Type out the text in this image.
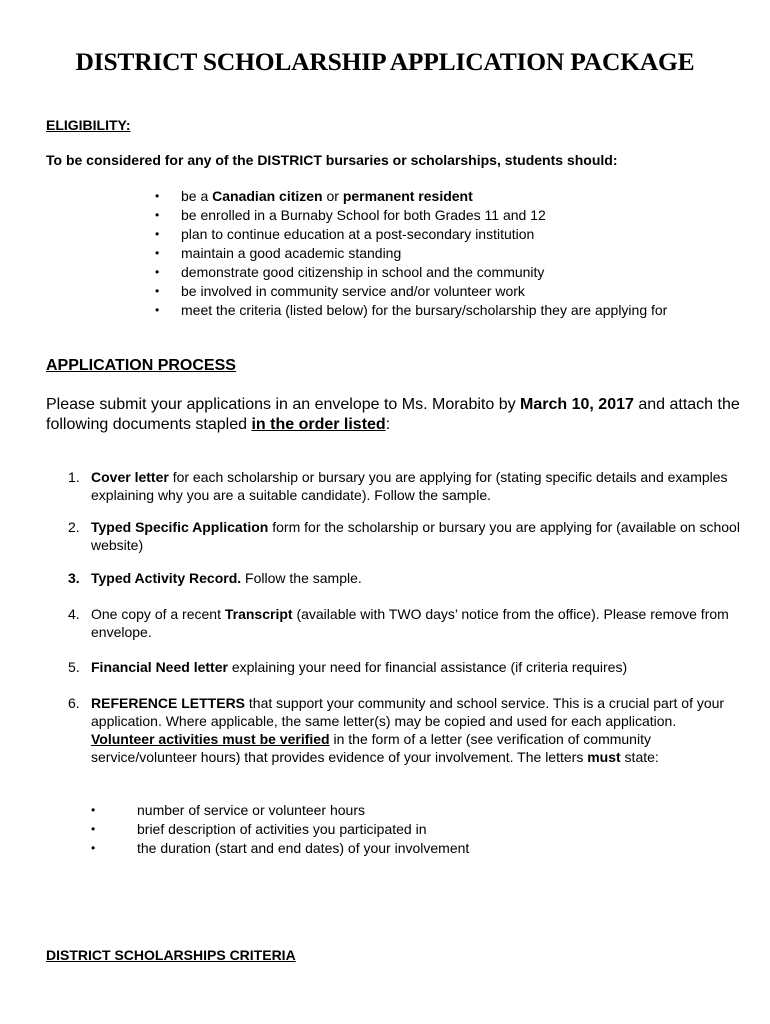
DISTRICT SCHOLARSHIP APPLICATION PACKAGE
ELIGIBILITY:
To be considered for any of the DISTRICT bursaries or scholarships, students should:
• be a Canadian citizen or permanent resident
• be enrolled in a Burnaby School for both Grades 11 and 12
• plan to continue education at a post-secondary institution
• maintain a good academic standing
• demonstrate good citizenship in school and the community
• be involved in community service and/or volunteer work
• meet the criteria (listed below) for the bursary/scholarship they are applying for
APPLICATION PROCESS
Please submit your applications in an envelope to Ms. Morabito by March 10, 2017 and attach the following documents stapled in the order listed:
1. Cover letter for each scholarship or bursary you are applying for (stating specific details and examples explaining why you are a suitable candidate). Follow the sample.
2. Typed Specific Application form for the scholarship or bursary you are applying for (available on school website)
3. Typed Activity Record. Follow the sample.
4. One copy of a recent Transcript (available with TWO days’ notice from the office). Please remove from envelope.
5. Financial Need letter explaining your need for financial assistance (if criteria requires)
6. REFERENCE LETTERS that support your community and school service. This is a crucial part of your application. Where applicable, the same letter(s) may be copied and used for each application. Volunteer activities must be verified in the form of a letter (see verification of community service/volunteer hours) that provides evidence of your involvement. The letters must state:
• number of service or volunteer hours
• brief description of activities you participated in
• the duration (start and end dates) of your involvement
DISTRICT SCHOLARSHIPS CRITERIA
